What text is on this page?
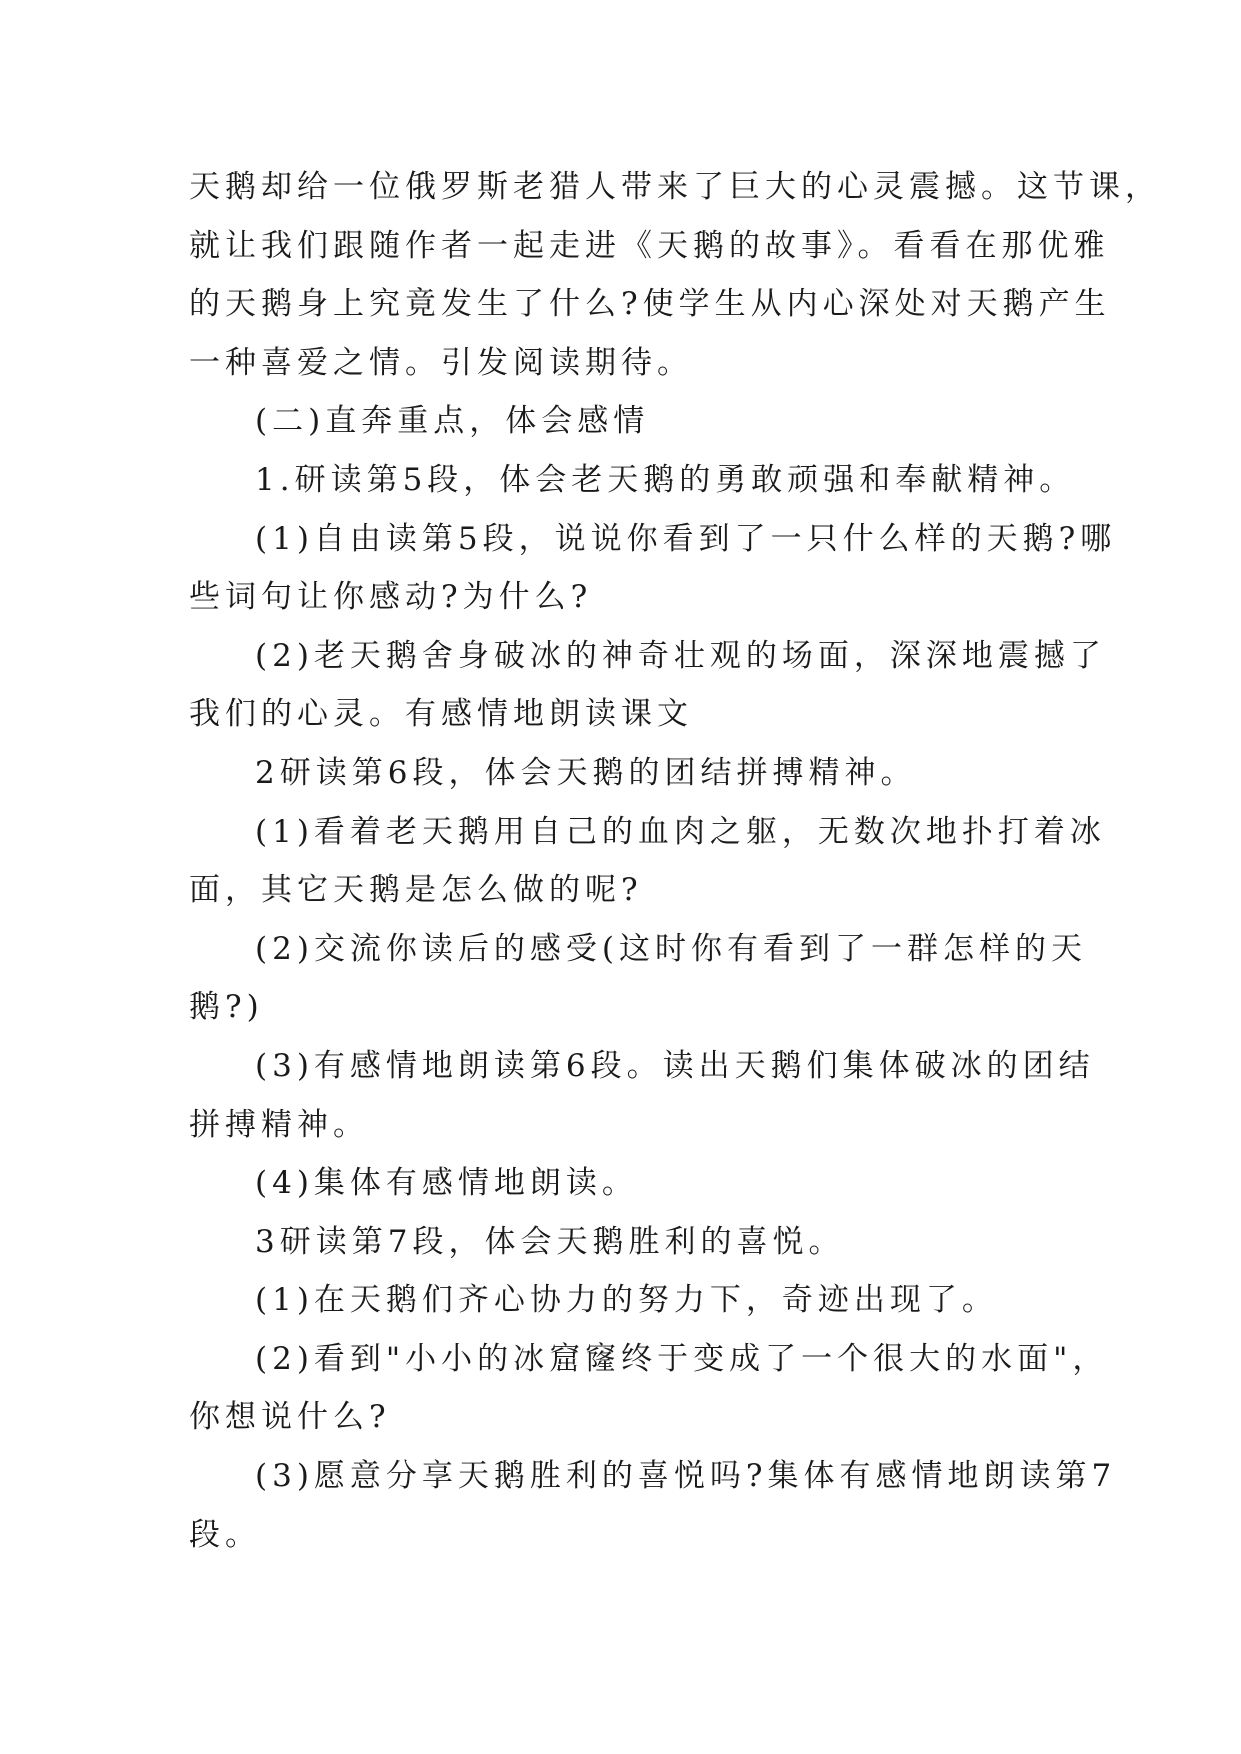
天鹅却给一位俄罗斯老猎人带来了巨大的心灵震撼。这节课，
就让我们跟随作者一起走进《天鹅的故事》。看看在那优雅
的天鹅身上究竟发生了什么?使学生从内心深处对天鹅产生
一种喜爱之情。引发阅读期待。
(二)直奔重点，体会感情
1.研读第5段，体会老天鹅的勇敢顽强和奉献精神。
(1)自由读第5段，说说你看到了一只什么样的天鹅?哪
些词句让你感动?为什么?
(2)老天鹅舍身破冰的神奇壮观的场面，深深地震撼了
我们的心灵。有感情地朗读课文
2研读第6段，体会天鹅的团结拼搏精神。
(1)看着老天鹅用自己的血肉之躯，无数次地扑打着冰
面，其它天鹅是怎么做的呢?
(2)交流你读后的感受(这时你有看到了一群怎样的天
鹅?)
(3)有感情地朗读第6段。读出天鹅们集体破冰的团结
拼搏精神。
(4)集体有感情地朗读。
3研读第7段，体会天鹅胜利的喜悦。
(1)在天鹅们齐心协力的努力下，奇迹出现了。
(2)看到"小小的冰窟窿终于变成了一个很大的水面"，
你想说什么?
(3)愿意分享天鹅胜利的喜悦吗?集体有感情地朗读第7
段。
